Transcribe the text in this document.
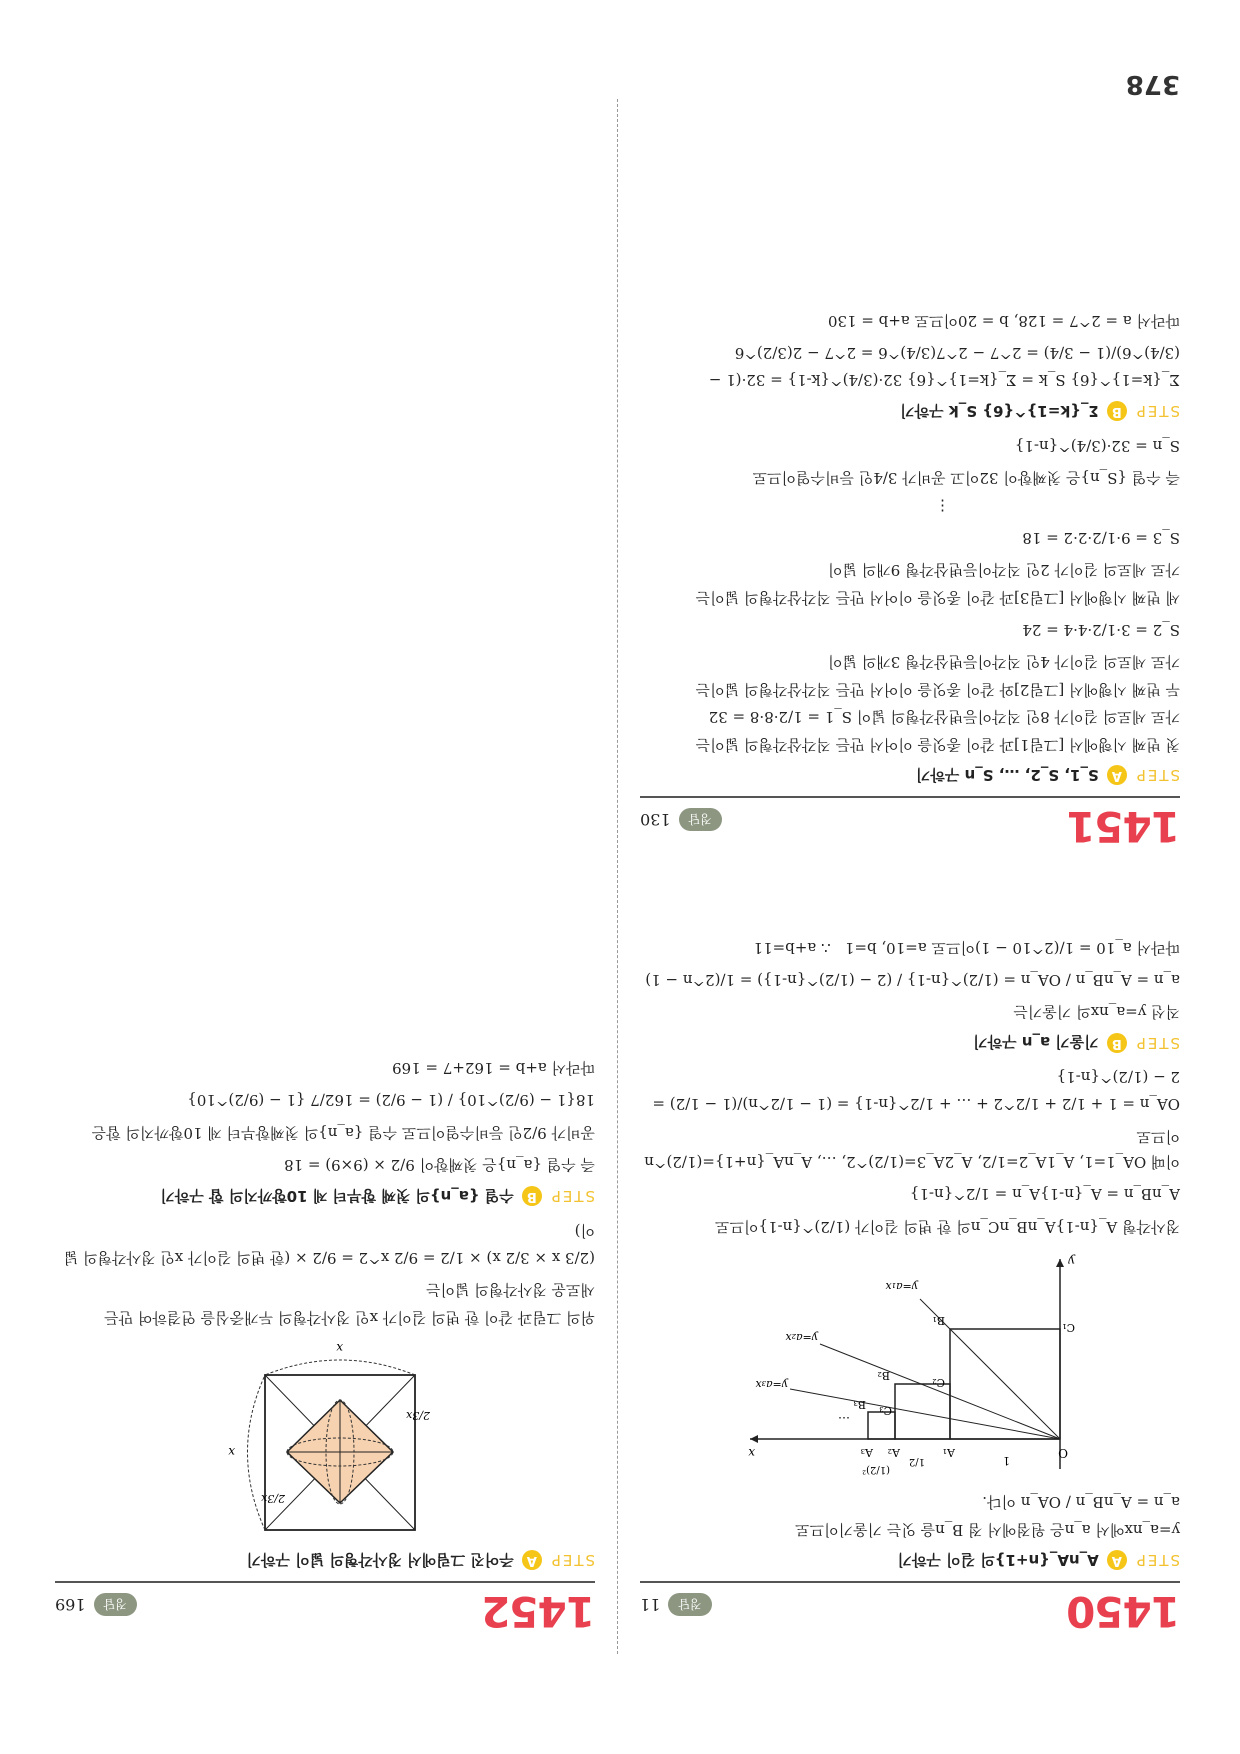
378
1450
정답
11
STEP
A
A_nA_{n+1}의 길이 구하기
y=a_nx에서 a_n은 원점에서 점 B_n을 잇는 기울기이므로
a_n = A_nB_n / OA_n 이다.
O
x
y
A₁
A₂
A₃
B₁
B₂
B₃
C₁
C₂
C₃
1
1/2
(1/2)²
y=a₁x
y=a₂x
y=a₃x
…
정사각형 A_{n-1}A_nB_nC_n의 한 변의 길이가 (1/2)^{n-1}이므로
A_nB_n = A_{n-1}A_n = 1/2^{n-1}
이때 OA_1=1, A_1A_2=1/2, A_2A_3=(1/2)^2, …, A_nA_{n+1}=(1/2)^n이므로
OA_n = 1 + 1/2 + 1/2^2 + … + 1/2^{n-1} = (1 − 1/2^n)/(1 − 1/2) = 2 − (1/2)^{n-1}
STEP
B
기울기 a_n 구하기
직선 y=a_nx의 기울기는
a_n = A_nB_n / OA_n = (1/2)^{n-1} / (2 − (1/2)^{n-1}) = 1/(2^n − 1)
따라서 a_10 = 1/(2^10 − 1)이므로 a=10, b=1   ∴ a+b=11
1451
정답
130
STEP
A
S_1, S_2, …, S_n 구하기
첫 번째 시행에서 [그림1]과 같이 종잇을 이어서 만든 직각삼각형의 넓이는
가로 세로의 길이가 8인 직각이등변삼각형의 넓이 S_1 = 1/2·8·8 = 32
두 번째 시행에서 [그림2]와 같이 종잇을 이어서 만든 직각삼각형의 넓이는
가로 세로의 길이가 4인 직각이등변삼각형 3개의 넓이
S_2 = 3·1/2·4·4 = 24
세 번째 시행에서 [그림3]과 같이 종잇을 이어서 만든 직각삼각형의 넓이는
가로 세로의 길이가 2인 직각이등변삼각형 9개의 넓이
S_3 = 9·1/2·2·2 = 18
⋮
즉 수열 {S_n}은 첫째항이 32이고 공비가 3/4인 등비수열이므로
S_n = 32·(3/4)^{n-1}
STEP
B
Σ_{k=1}^{6} S_k 구하기
Σ_{k=1}^{6} S_k = Σ_{k=1}^{6} 32·(3/4)^{k-1} = 32·(1 − (3/4)^6)/(1 − 3/4) = 2^7 − 2^7(3/4)^6 = 2^7 − 2(3/2)^6
따라서 a = 2^7 = 128, b = 20이므로 a+b = 130
1452
정답
169
STEP
A
주어진 그림에서 정사각형의 넓이 구하기
x
x
2/3x
2/3x
위의 그림과 같이 한 변의 길이가 x인 정사각형의 두개중심을 연결하여 만든
새로운 정사각형의 넓이는
(2/3 x × 3/2 x) × 1/2 = 9/2 x^2 = 9/2 × (한 변의 길이가 x인 정사각형의 넓이)
STEP
B
수열 {a_n}의 첫째 항부터 제 10항까지의 합 구하기
즉 수열 {a_n}은 첫째항이 9/2 × (9×9) = 18
공비가 9/2인 등비수열이므로 수열 {a_n}의 첫째항부터 제 10항까지의 합은
18{1 − (9/2)^10} / (1 − 9/2) = 162/7 {1 − (9/2)^10}
따라서 a+b = 162+7 = 169
